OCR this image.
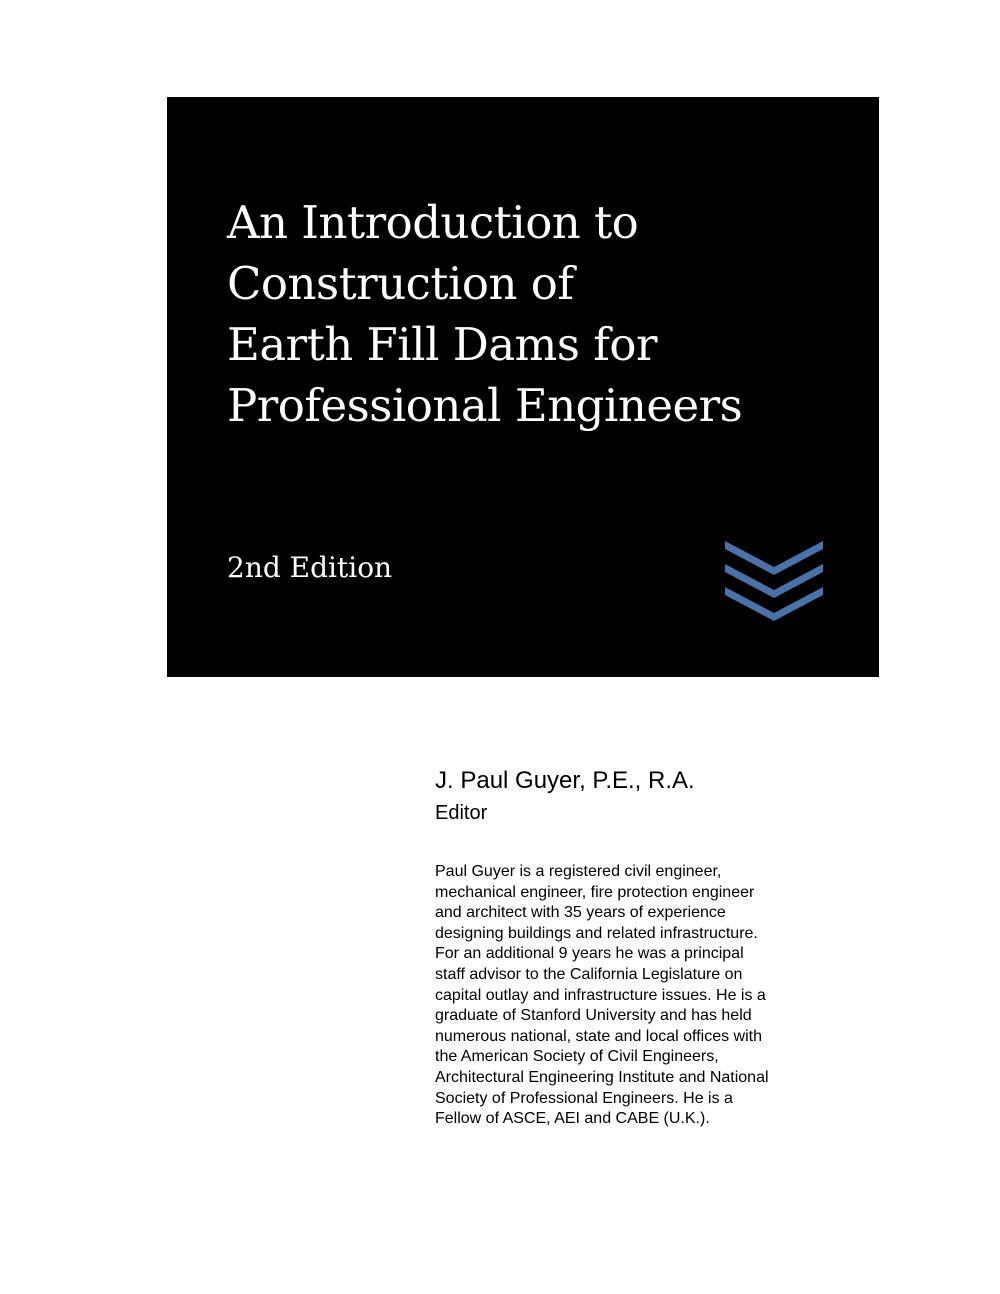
An Introduction to
Construction of
Earth Fill Dams for
Professional Engineers
2nd Edition
J. Paul Guyer, P.E., R.A.
Editor
Paul Guyer is a registered civil engineer,
mechanical engineer, fire protection engineer
and architect with 35 years of experience
designing buildings and related infrastructure.
For an additional 9 years he was a principal
staff advisor to the California Legislature on
capital outlay and infrastructure issues. He is a
graduate of Stanford University and has held
numerous national, state and local offices with
the American Society of Civil Engineers,
Architectural Engineering Institute and National
Society of Professional Engineers. He is a
Fellow of ASCE, AEI and CABE (U.K.).
